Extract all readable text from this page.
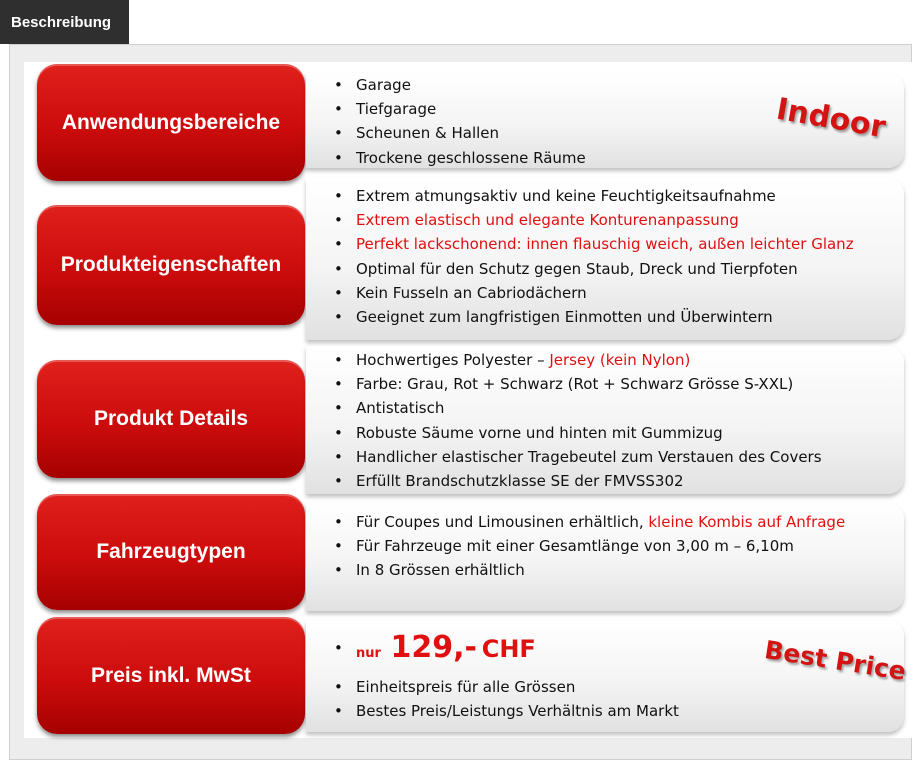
Beschreibung
Anwendungsbereiche
• Garage
• Tiefgarage
• Scheunen & Hallen
• Trockene geschlossene Räume
Indoor
Produkteigenschaften
• Extrem atmungsaktiv und keine Feuchtigkeitsaufnahme
• Extrem elastisch und elegante Konturenanpassung
• Perfekt lackschonend: innen flauschig weich, außen leichter Glanz
• Optimal für den Schutz gegen Staub, Dreck und Tierpfoten
• Kein Fusseln an Cabriodächern
• Geeignet zum langfristigen Einmotten und Überwintern
Produkt Details
• Hochwertiges Polyester – Jersey (kein Nylon)
• Farbe: Grau, Rot + Schwarz (Rot + Schwarz Grösse S-XXL)
• Antistatisch
• Robuste Säume vorne und hinten mit Gummizug
• Handlicher elastischer Tragebeutel zum Verstauen des Covers
• Erfüllt Brandschutzklasse SE der FMVSS302
Fahrzeugtypen
• Für Coupes und Limousinen erhältlich, kleine Kombis auf Anfrage
• Für Fahrzeuge mit einer Gesamtlänge von 3,00 m – 6,10m
• In 8 Grössen erhältlich
Preis inkl. MwSt
• nur 129,- CHF
• Einheitspreis für alle Grössen
• Bestes Preis/Leistungs Verhältnis am Markt
Best Price
